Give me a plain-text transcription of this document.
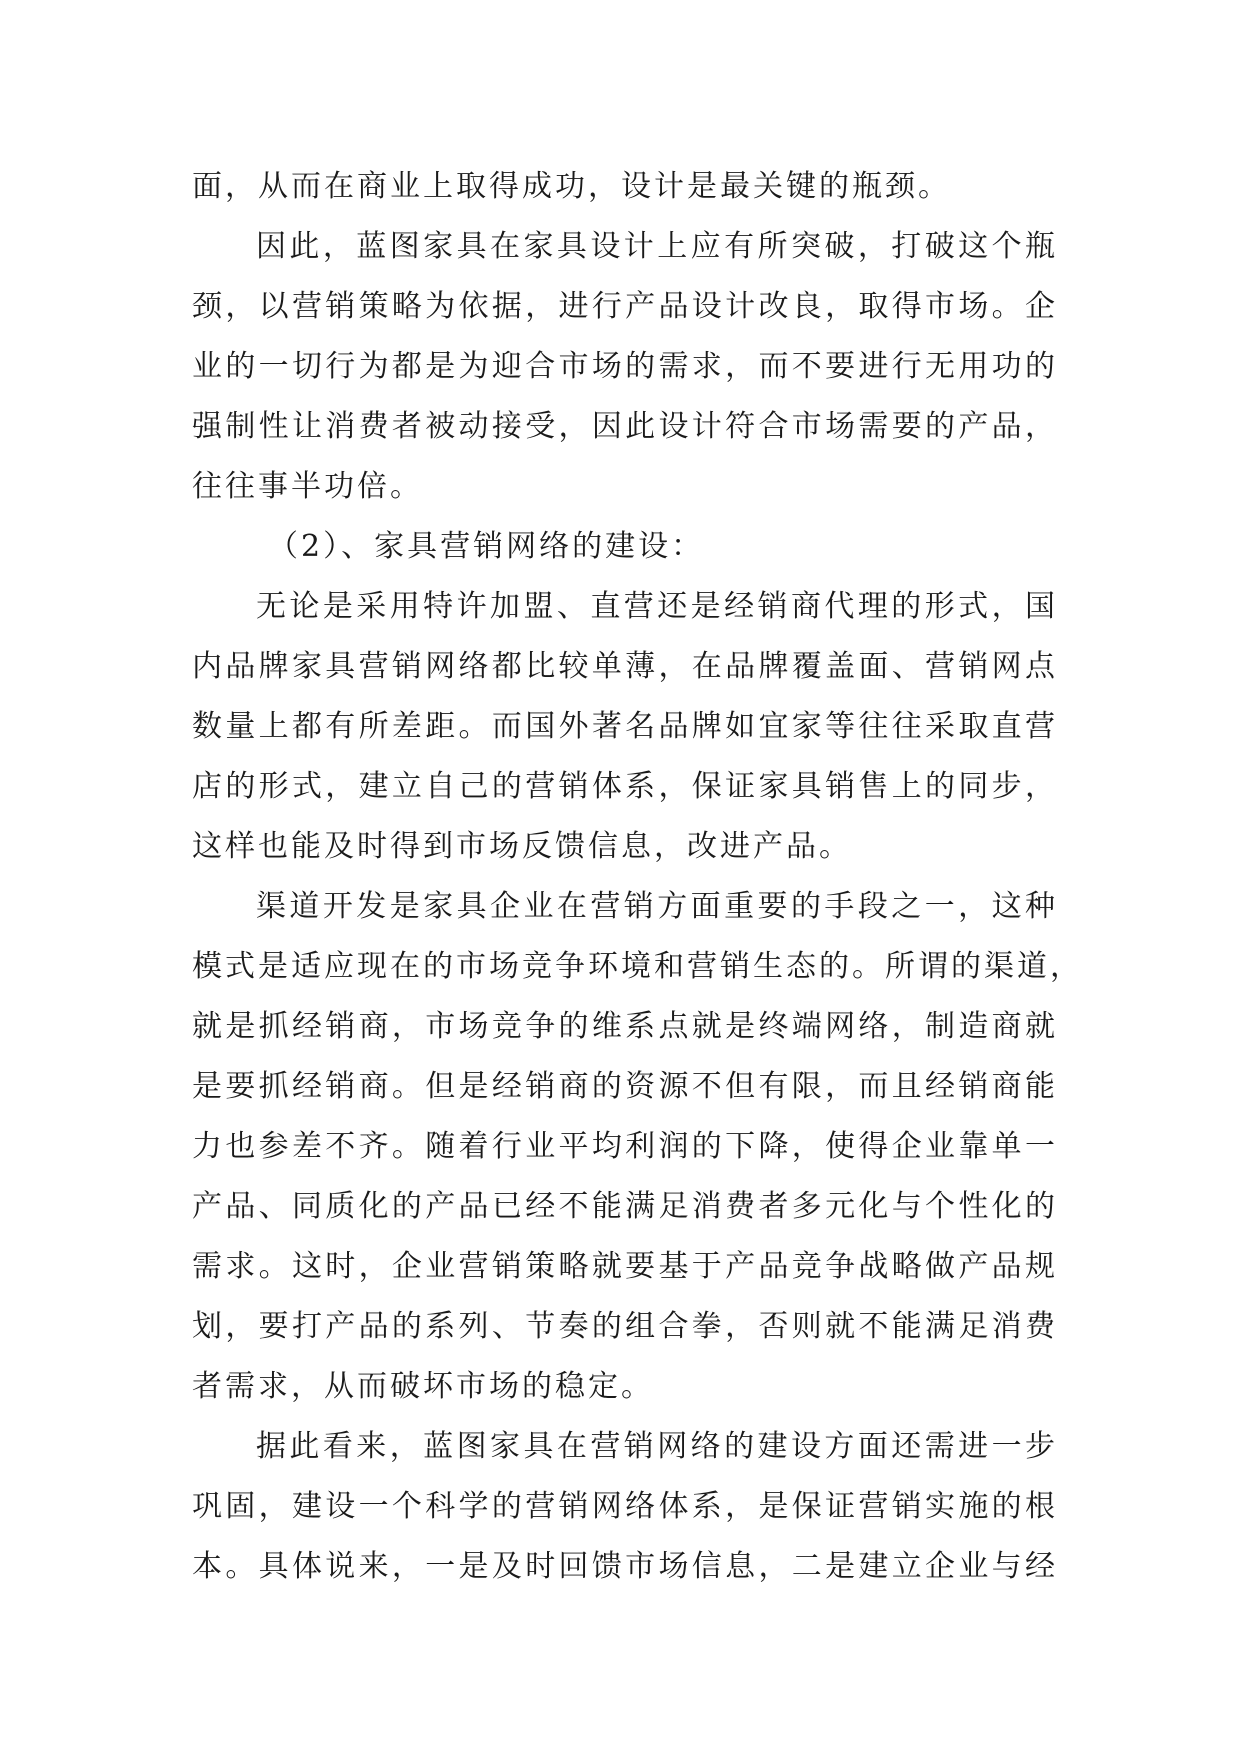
面，从而在商业上取得成功，设计是最关键的瓶颈。
因此，蓝图家具在家具设计上应有所突破，打破这个瓶
颈，以营销策略为依据，进行产品设计改良，取得市场。企
业的一切行为都是为迎合市场的需求，而不要进行无用功的
强制性让消费者被动接受，因此设计符合市场需要的产品，
往往事半功倍。
（2）、家具营销网络的建设：
无论是采用特许加盟、直营还是经销商代理的形式，国
内品牌家具营销网络都比较单薄，在品牌覆盖面、营销网点
数量上都有所差距。而国外著名品牌如宜家等往往采取直营
店的形式，建立自己的营销体系，保证家具销售上的同步，
这样也能及时得到市场反馈信息，改进产品。
渠道开发是家具企业在营销方面重要的手段之一，这种
模式是适应现在的市场竞争环境和营销生态的。所谓的渠道，
就是抓经销商，市场竞争的维系点就是终端网络，制造商就
是要抓经销商。但是经销商的资源不但有限，而且经销商能
力也参差不齐。随着行业平均利润的下降，使得企业靠单一
产品、同质化的产品已经不能满足消费者多元化与个性化的
需求。这时，企业营销策略就要基于产品竞争战略做产品规
划，要打产品的系列、节奏的组合拳，否则就不能满足消费
者需求，从而破坏市场的稳定。
据此看来，蓝图家具在营销网络的建设方面还需进一步
巩固，建设一个科学的营销网络体系，是保证营销实施的根
本。具体说来，一是及时回馈市场信息，二是建立企业与经
